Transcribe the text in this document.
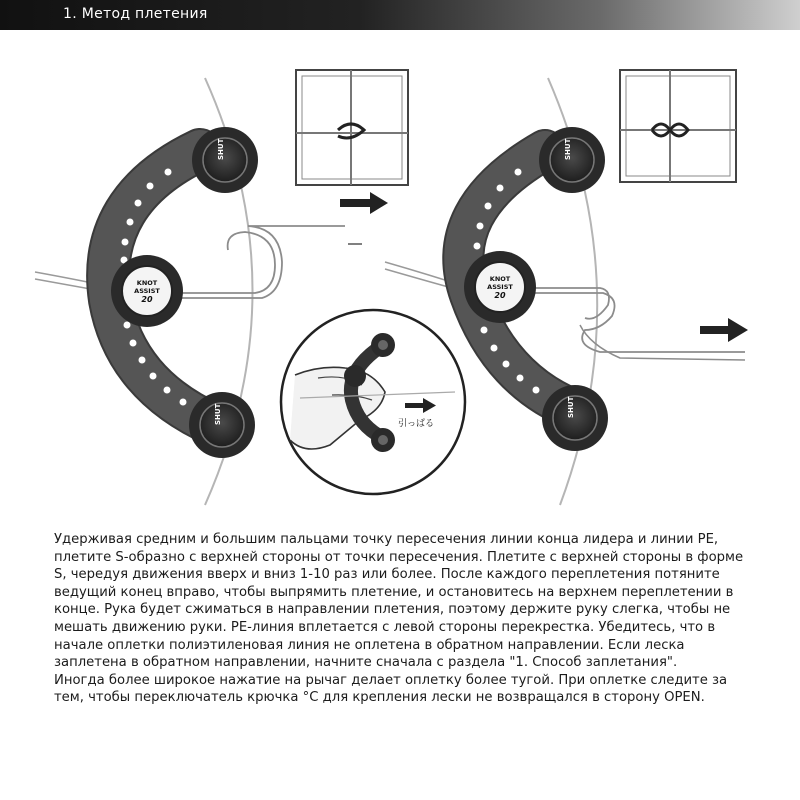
1. Метод плетения
SHUT
KNOT
ASSIST
20
SHUT
SHUT
KNOT
ASSIST
20
SHUT
引っぱる

Удерживая средним и большим пальцами точку пересечения линии конца лидера и линии PE, плетите S-образно с верхней стороны от точки пересечения. Плетите с верхней стороны в форме S, чередуя движения вверх и вниз 1-10 раз или более. После каждого переплетения потяните ведущий конец вправо, чтобы выпрямить плетение, и остановитесь на верхнем переплетении в конце. Рука будет сжиматься в направлении плетения, поэтому держите руку слегка, чтобы не мешать движению руки. PE-линия вплетается с левой стороны перекрестка. Убедитесь, что в начале оплетки полиэтиленовая линия не оплетена в обратном направлении. Если леска заплетена в обратном направлении, начните сначала с раздела "1. Способ заплетания".

Иногда более широкое нажатие на рычаг делает оплетку более тугой. При оплетке следите за тем, чтобы переключатель крючка °C для крепления лески не возвращался в сторону OPEN.
